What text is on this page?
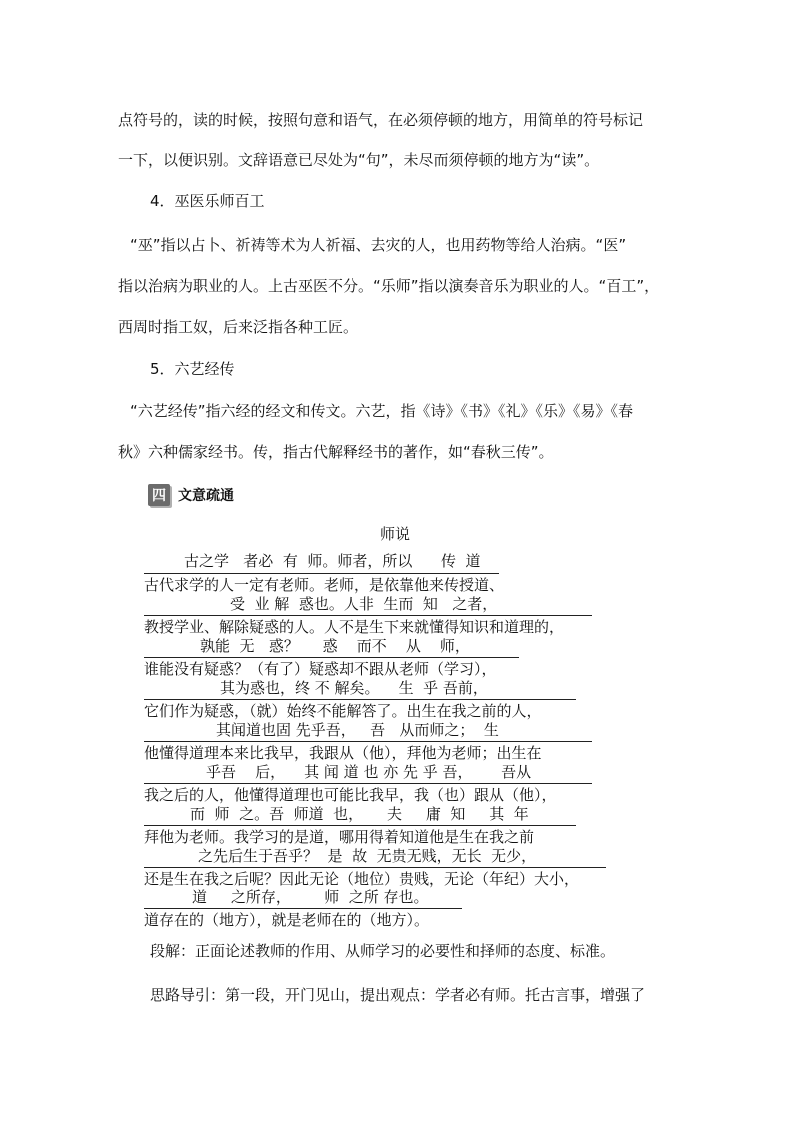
点符号的，读的时候，按照句意和语气，在必须停顿的地方，用简单的符号标记
一下，以便识别。文辞语意已尽处为“句”，未尽而须停顿的地方为“读”。
4．巫医乐师百工
“巫”指以占卜、祈祷等术为人祈福、去灾的人，也用药物等给人治病。“医”
指以治病为职业的人。上古巫医不分。“乐师”指以演奏音乐为职业的人。“百工”，
西周时指工奴，后来泛指各种工匠。
5．六艺经传
“六艺经传”指六经的经文和传文。六艺，指《诗》《书》《礼》《乐》《易》《春
秋》六种儒家经书。传，指古代解释经书的著作，如“春秋三传”。
四 文意疏通
师说
古之学   者必  有  师。师者，所以      传  道
古代求学的人一定有老师。老师，是依靠他来传授道、
受  业 解  惑也。人非  生而  知   之者，
教授学业、解除疑惑的人。人不是生下来就懂得知识和道理的，
孰能  无   惑？     惑    而不    从    师，
谁能没有疑惑？（有了）疑惑却不跟从老师（学习），
其为惑也，终 不 解矣。    生  乎 吾前，
它们作为疑惑，（就）始终不能解答了。出生在我之前的人，
其闻道也固 先乎吾，   吾   从而师之；  生
他懂得道理本来比我早，我跟从（他），拜他为老师；出生在
乎吾    后，    其 闻 道 也 亦 先 乎 吾，      吾从
我之后的人，他懂得道理也可能比我早，我（也）跟从（他），
而  师  之。吾  师道  也，     夫     庸  知     其  年
拜他为老师。我学习的是道，哪用得着知道他是生在我之前
之先后生于吾乎？  是  故  无贵无贱，无长  无少，
还是生在我之后呢？因此无论（地位）贵贱，无论（年纪）大小，
道     之所存，       师  之所 存也。
道存在的（地方），就是老师在的（地方）。
段解：正面论述教师的作用、从师学习的必要性和择师的态度、标准。
思路导引：第一段，开门见山，提出观点：学者必有师。托古言事，增强了
